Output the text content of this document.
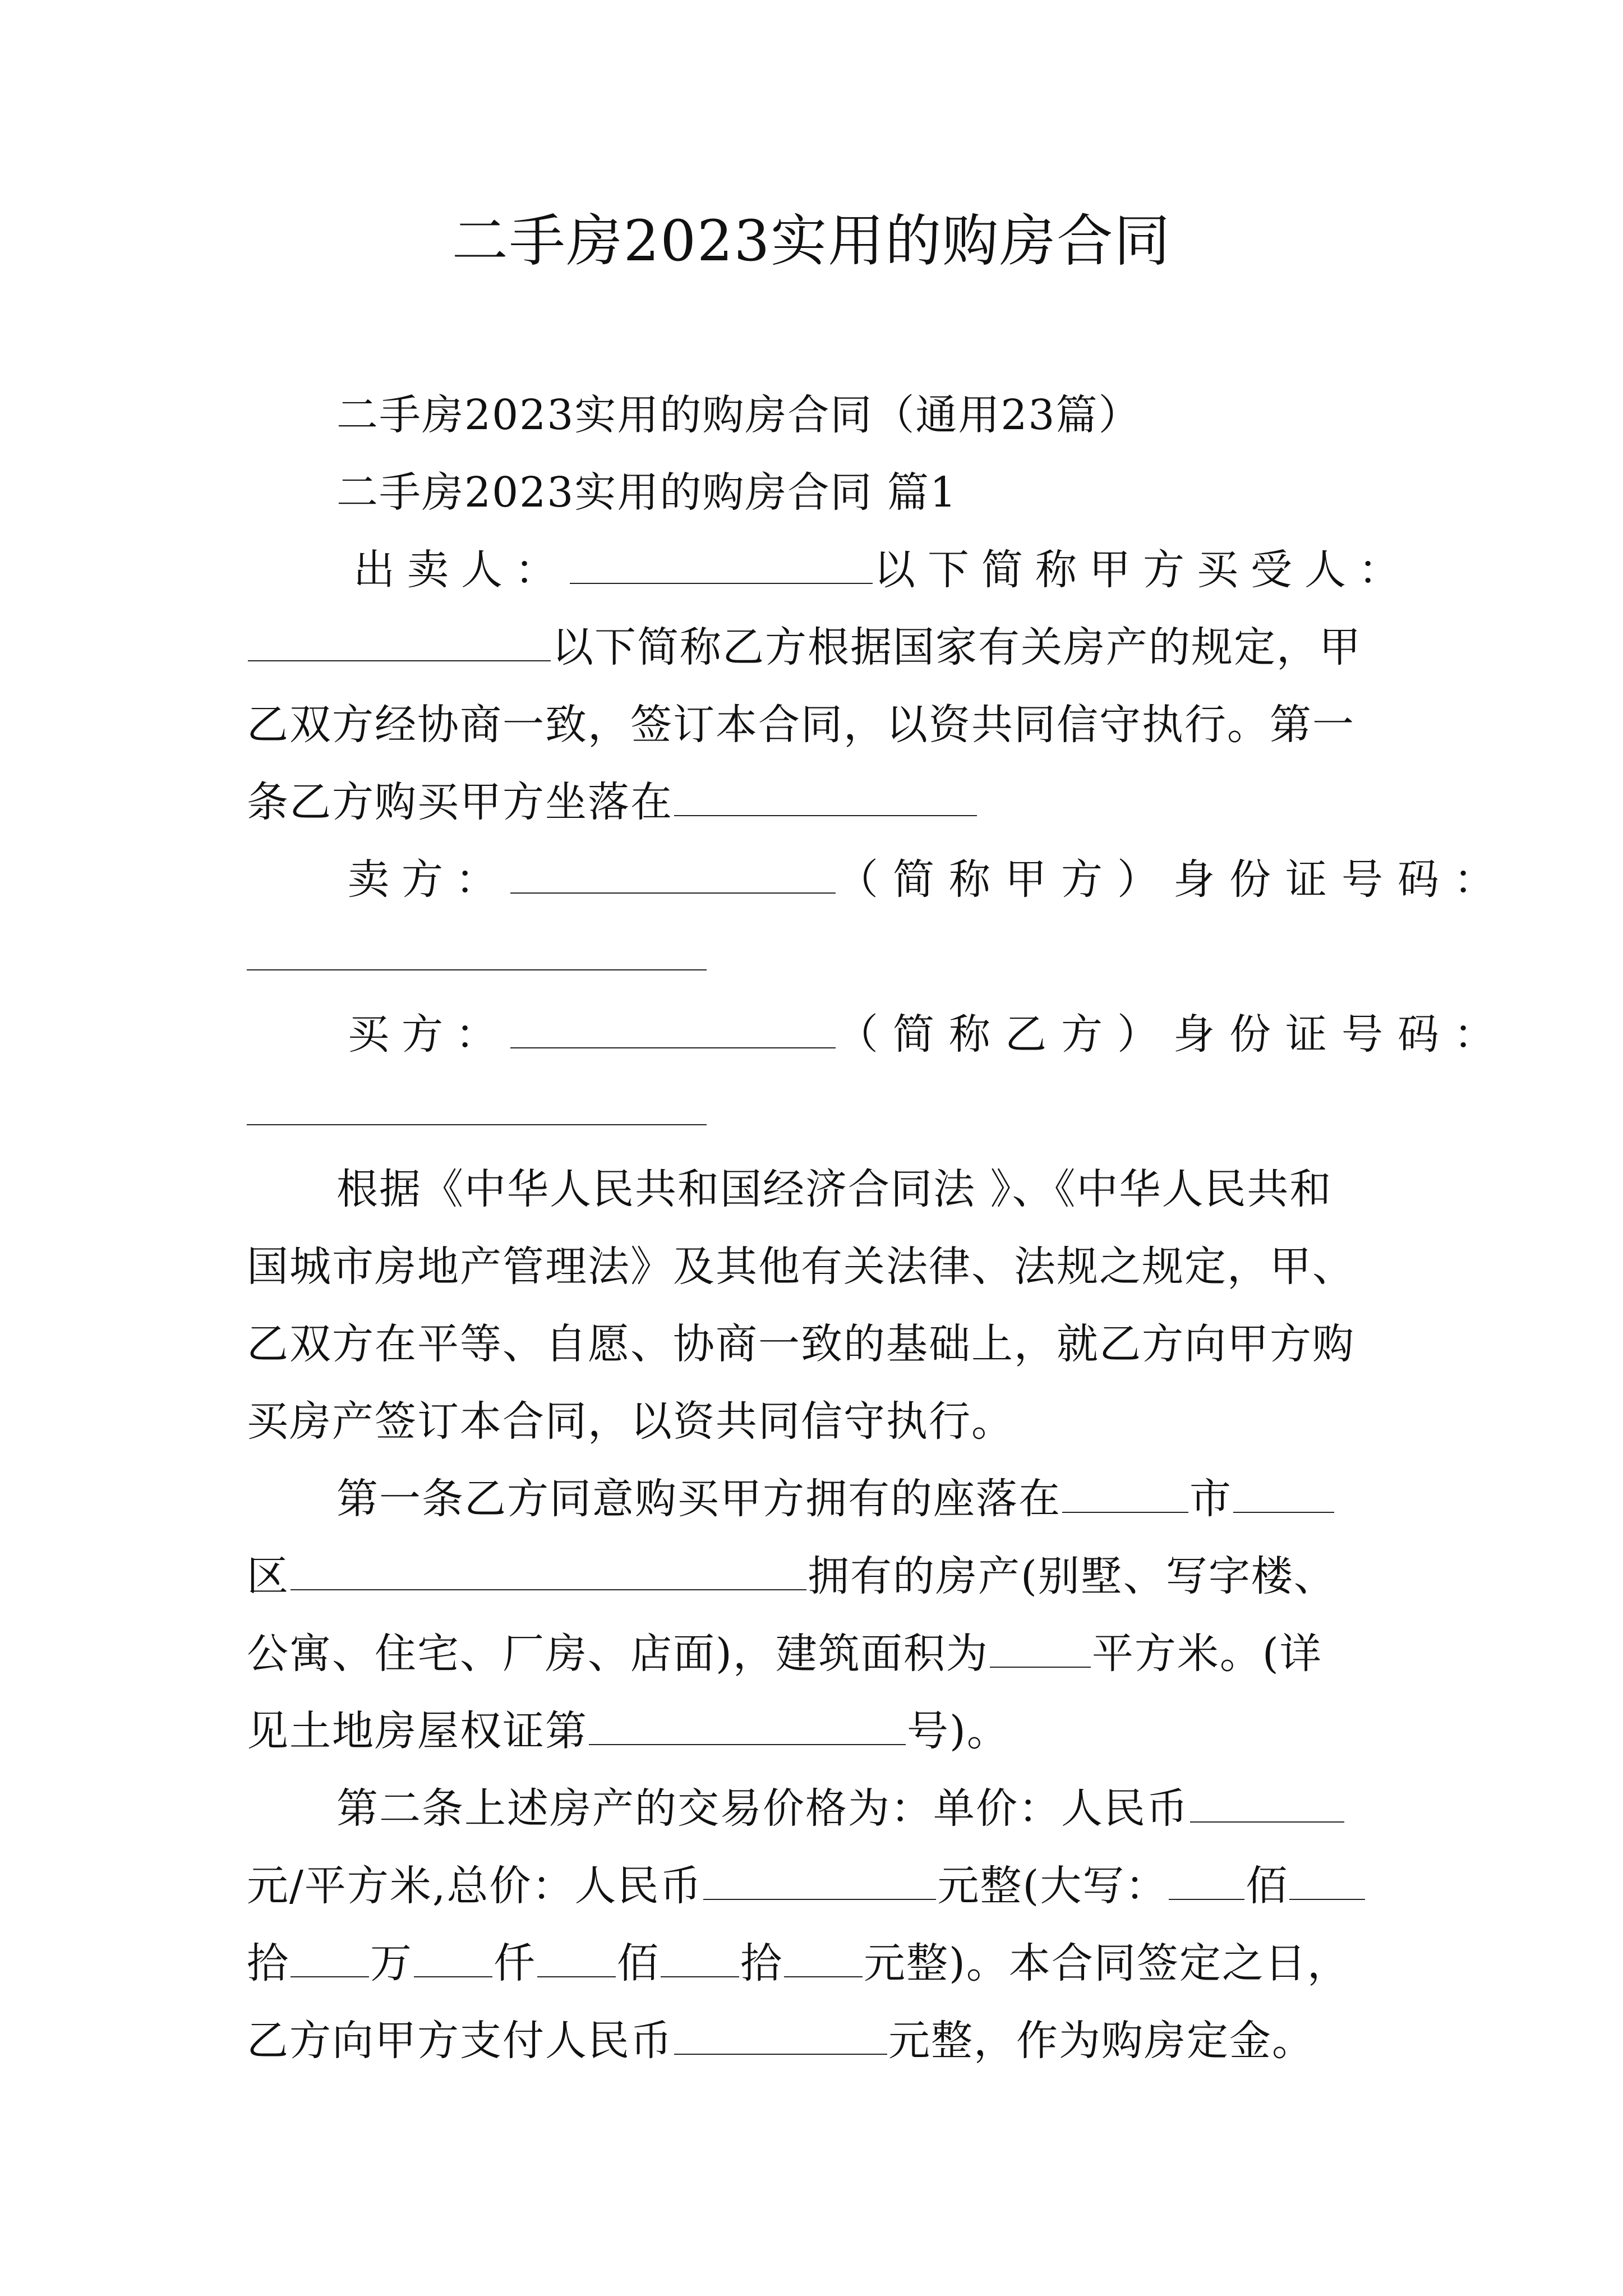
二手房2023实用的购房合同
二手房2023实用的购房合同（通用23篇）
二手房2023实用的购房合同 篇1
出卖人：	以下简称甲方买受人：
以下简称乙方根据国家有关房产的规定，甲
乙双方经协商一致，签订本合同，以资共同信守执行。第一
条乙方购买甲方坐落在
卖方：	（简称甲方）身份证号码：
买方：	（简称乙方）身份证号码：
根据《中华人民共和国经济合同法 》、《中华人民共和
国城市房地产管理法》及其他有关法律、法规之规定，甲、
乙双方在平等、自愿、协商一致的基础上，就乙方向甲方购
买房产签订本合同，以资共同信守执行。
第一条乙方同意购买甲方拥有的座落在	市
区	拥有的房产(别墅、写字楼、
公寓、住宅、厂房、店面)，建筑面积为 平方米。(详
见土地房屋权证第	号)。
第二条上述房产的交易价格为：单价：人民币
元/平方米,总价：人民币	元整(大写： 佰
拾 万 仟 佰 拾 元整)。本合同签定之日，
乙方向甲方支付人民币	元整，作为购房定金。
